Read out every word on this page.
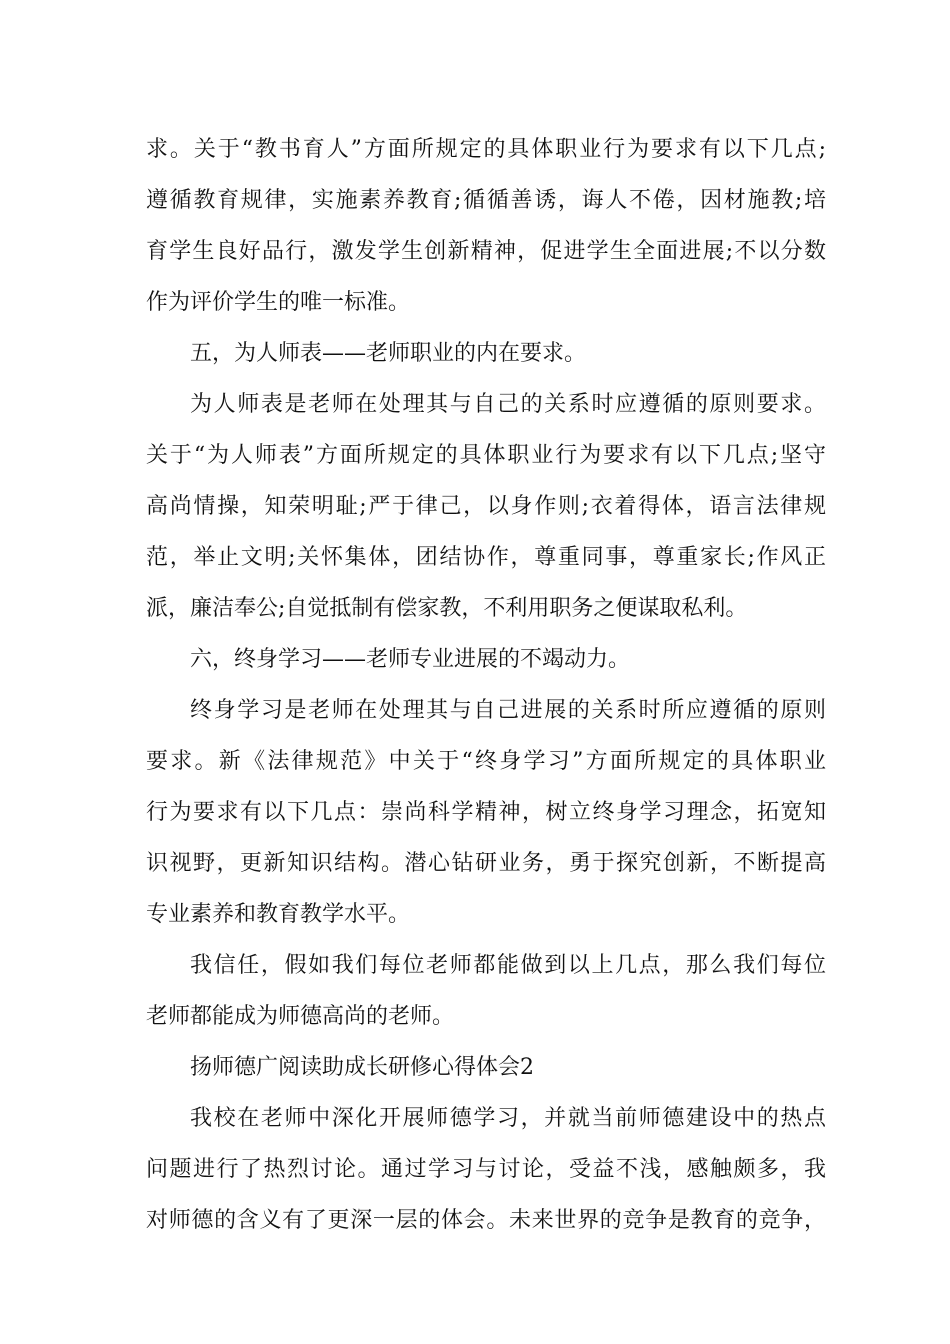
求。关于“教书育人”方面所规定的具体职业行为要求有以下几点;
遵循教育规律，实施素养教育;循循善诱，诲人不倦，因材施教;培
育学生良好品行，激发学生创新精神，促进学生全面进展;不以分数
作为评价学生的唯一标准。
五，为人师表——老师职业的内在要求。
为人师表是老师在处理其与自己的关系时应遵循的原则要求。
关于“为人师表”方面所规定的具体职业行为要求有以下几点;坚守
高尚情操，知荣明耻;严于律己，以身作则;衣着得体，语言法律规
范，举止文明;关怀集体，团结协作，尊重同事，尊重家长;作风正
派，廉洁奉公;自觉抵制有偿家教，不利用职务之便谋取私利。
六，终身学习——老师专业进展的不竭动力。
终身学习是老师在处理其与自己进展的关系时所应遵循的原则
要求。新《法律规范》中关于“终身学习”方面所规定的具体职业
行为要求有以下几点：崇尚科学精神，树立终身学习理念，拓宽知
识视野，更新知识结构。潜心钻研业务，勇于探究创新，不断提高
专业素养和教育教学水平。
我信任，假如我们每位老师都能做到以上几点，那么我们每位
老师都能成为师德高尚的老师。
扬师德广阅读助成长研修心得体会2
我校在老师中深化开展师德学习，并就当前师德建设中的热点
问题进行了热烈讨论。通过学习与讨论，受益不浅，感触颇多，我
对师德的含义有了更深一层的体会。未来世界的竞争是教育的竞争，
